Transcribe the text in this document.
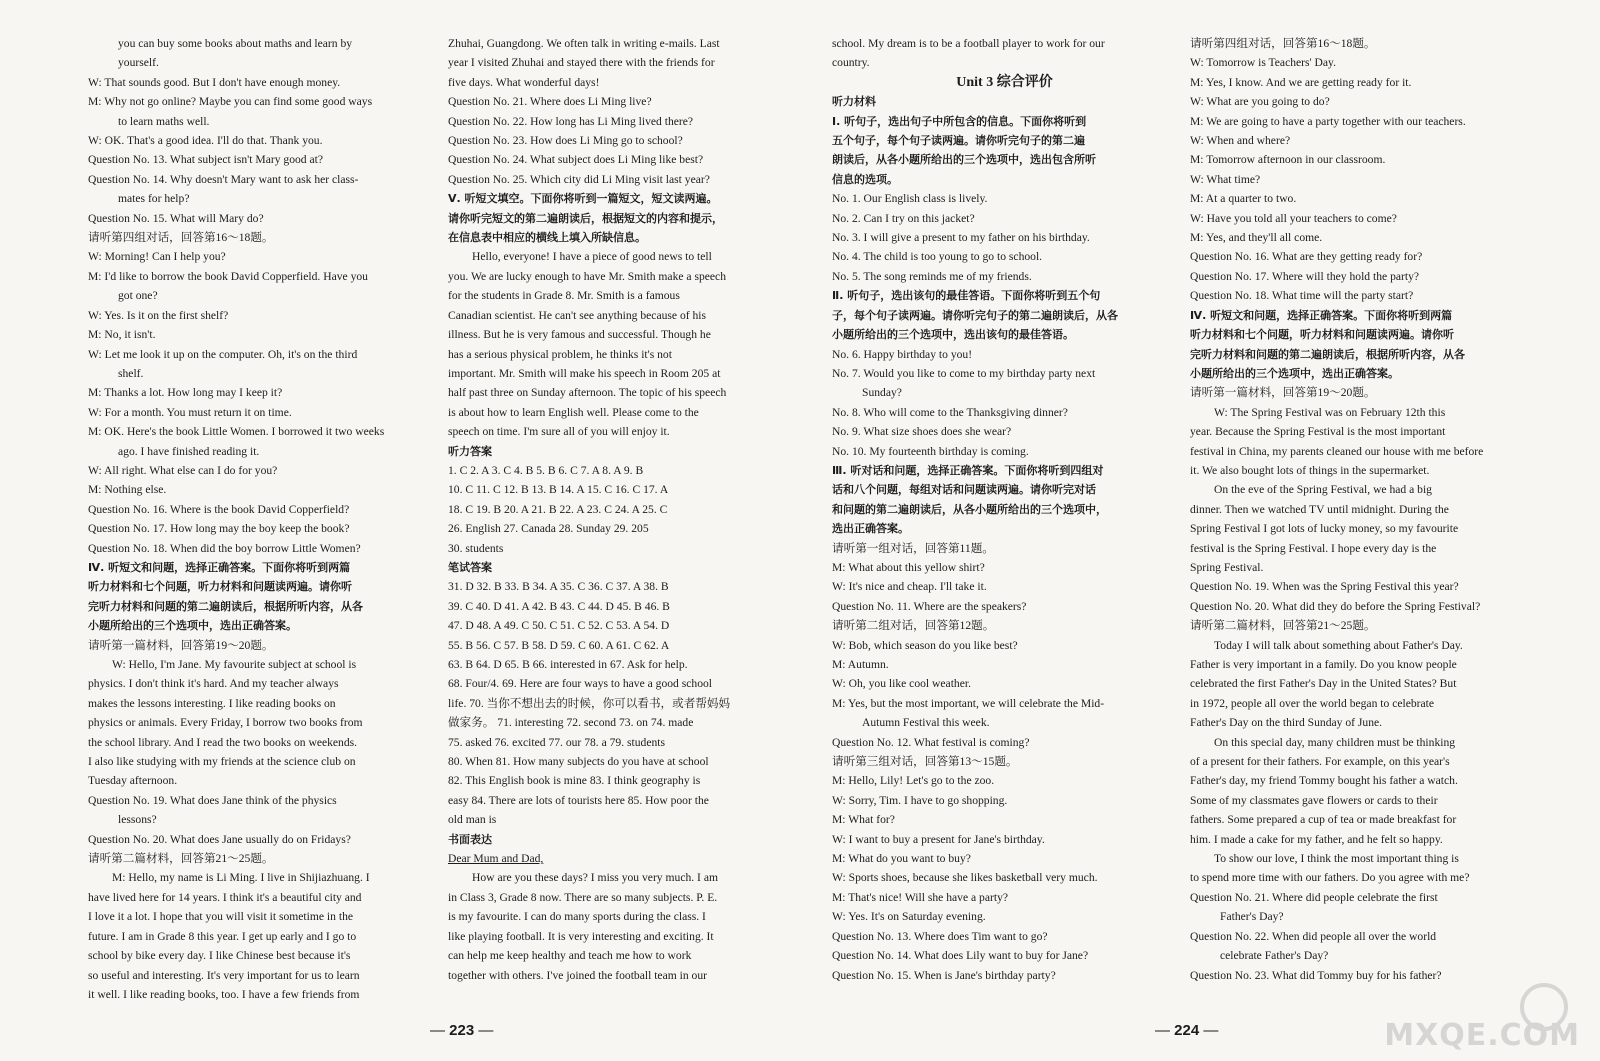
you can buy some books about maths and learn by
yourself.
W: That sounds good. But I don't have enough money.
M: Why not go online? Maybe you can find some good ways
to learn maths well.
W: OK. That's a good idea. I'll do that. Thank you.
Question No. 13. What subject isn't Mary good at?
Question No. 14. Why doesn't Mary want to ask her class-
mates for help?
Question No. 15. What will Mary do?
请听第四组对话，回答第16～18题。
W: Morning! Can I help you?
M: I'd like to borrow the book David Copperfield. Have you
got one?
W: Yes. Is it on the first shelf?
M: No, it isn't.
W: Let me look it up on the computer. Oh, it's on the third
shelf.
M: Thanks a lot. How long may I keep it?
W: For a month. You must return it on time.
M: OK. Here's the book Little Women. I borrowed it two weeks
ago. I have finished reading it.
W: All right. What else can I do for you?
M: Nothing else.
Question No. 16. Where is the book David Copperfield?
Question No. 17. How long may the boy keep the book?
Question No. 18. When did the boy borrow Little Women?
Ⅳ. 听短文和问题，选择正确答案。下面你将听到两篇
听力材料和七个问题，听力材料和问题读两遍。请你听
完听力材料和问题的第二遍朗读后，根据所听内容，从各
小题所给出的三个选项中，选出正确答案。
请听第一篇材料，回答第19～20题。
W: Hello, I'm Jane. My favourite subject at school is
physics. I don't think it's hard. And my teacher always
makes the lessons interesting. I like reading books on
physics or animals. Every Friday, I borrow two books from
the school library. And I read the two books on weekends.
I also like studying with my friends at the science club on
Tuesday afternoon.
Question No. 19. What does Jane think of the physics
lessons?
Question No. 20. What does Jane usually do on Fridays?
请听第二篇材料，回答第21～25题。
M: Hello, my name is Li Ming. I live in Shijiazhuang. I
have lived here for 14 years. I think it's a beautiful city and
I love it a lot. I hope that you will visit it sometime in the
future. I am in Grade 8 this year. I get up early and I go to
school by bike every day. I like Chinese best because it's
so useful and interesting. It's very important for us to learn
it well. I like reading books, too. I have a few friends from
Zhuhai, Guangdong. We often talk in writing e-mails. Last
year I visited Zhuhai and stayed there with the friends for
five days. What wonderful days!
Question No. 21. Where does Li Ming live?
Question No. 22. How long has Li Ming lived there?
Question No. 23. How does Li Ming go to school?
Question No. 24. What subject does Li Ming like best?
Question No. 25. Which city did Li Ming visit last year?
Ⅴ. 听短文填空。下面你将听到一篇短文，短文读两遍。
请你听完短文的第二遍朗读后，根据短文的内容和提示，
在信息表中相应的横线上填入所缺信息。
Hello, everyone! I have a piece of good news to tell
you. We are lucky enough to have Mr. Smith make a speech
for the students in Grade 8. Mr. Smith is a famous
Canadian scientist. He can't see anything because of his
illness. But he is very famous and successful. Though he
has a serious physical problem, he thinks it's not
important. Mr. Smith will make his speech in Room 205 at
half past three on Sunday afternoon. The topic of his speech
is about how to learn English well. Please come to the
speech on time. I'm sure all of you will enjoy it.
听力答案
1. C 2. A 3. C 4. B 5. B 6. C 7. A 8. A 9. B
10. C 11. C 12. B 13. B 14. A 15. C 16. C 17. A
18. C 19. B 20. A 21. B 22. A 23. C 24. A 25. C
26. English 27. Canada 28. Sunday 29. 205
30. students
笔试答案
31. D 32. B 33. B 34. A 35. C 36. C 37. A 38. B
39. C 40. D 41. A 42. B 43. C 44. D 45. B 46. B
47. D 48. A 49. C 50. C 51. C 52. C 53. A 54. D
55. B 56. C 57. B 58. D 59. C 60. A 61. C 62. A
63. B 64. D 65. B 66. interested in 67. Ask for help.
68. Four/4. 69. Here are four ways to have a good school
life. 70. 当你不想出去的时候，你可以看书，或者帮妈妈
做家务。 71. interesting 72. second 73. on 74. made
75. asked 76. excited 77. our 78. a 79. students
80. When 81. How many subjects do you have at school
82. This English book is mine 83. I think geography is
easy 84. There are lots of tourists here 85. How poor the
old man is
书面表达
Dear Mum and Dad,
How are you these days? I miss you very much. I am
in Class 3, Grade 8 now. There are so many subjects. P. E.
is my favourite. I can do many sports during the class. I
like playing football. It is very interesting and exciting. It
can help me keep healthy and teach me how to work
together with others. I've joined the football team in our
— 223 —
school. My dream is to be a football player to work for our
country.
Unit 3 综合评价
听力材料
Ⅰ. 听句子，选出句子中所包含的信息。下面你将听到
五个句子，每个句子读两遍。请你听完句子的第二遍
朗读后，从各小题所给出的三个选项中，选出包含所听
信息的选项。
No. 1. Our English class is lively.
No. 2. Can I try on this jacket?
No. 3. I will give a present to my father on his birthday.
No. 4. The child is too young to go to school.
No. 5. The song reminds me of my friends.
Ⅱ. 听句子，选出该句的最佳答语。下面你将听到五个句
子，每个句子读两遍。请你听完句子的第二遍朗读后，从各
小题所给出的三个选项中，选出该句的最佳答语。
No. 6. Happy birthday to you!
No. 7. Would you like to come to my birthday party next
Sunday?
No. 8. Who will come to the Thanksgiving dinner?
No. 9. What size shoes does she wear?
No. 10. My fourteenth birthday is coming.
Ⅲ. 听对话和问题，选择正确答案。下面你将听到四组对
话和八个问题，每组对话和问题读两遍。请你听完对话
和问题的第二遍朗读后，从各小题所给出的三个选项中，
选出正确答案。
请听第一组对话，回答第11题。
M: What about this yellow shirt?
W: It's nice and cheap. I'll take it.
Question No. 11. Where are the speakers?
请听第二组对话，回答第12题。
W: Bob, which season do you like best?
M: Autumn.
W: Oh, you like cool weather.
M: Yes, but the most important, we will celebrate the Mid-
Autumn Festival this week.
Question No. 12. What festival is coming?
请听第三组对话，回答第13～15题。
M: Hello, Lily! Let's go to the zoo.
W: Sorry, Tim. I have to go shopping.
M: What for?
W: I want to buy a present for Jane's birthday.
M: What do you want to buy?
W: Sports shoes, because she likes basketball very much.
M: That's nice! Will she have a party?
W: Yes. It's on Saturday evening.
Question No. 13. Where does Tim want to go?
Question No. 14. What does Lily want to buy for Jane?
Question No. 15. When is Jane's birthday party?
请听第四组对话，回答第16～18题。
W: Tomorrow is Teachers' Day.
M: Yes, I know. And we are getting ready for it.
W: What are you going to do?
M: We are going to have a party together with our teachers.
W: When and where?
M: Tomorrow afternoon in our classroom.
W: What time?
M: At a quarter to two.
W: Have you told all your teachers to come?
M: Yes, and they'll all come.
Question No. 16. What are they getting ready for?
Question No. 17. Where will they hold the party?
Question No. 18. What time will the party start?
Ⅳ. 听短文和问题，选择正确答案。下面你将听到两篇
听力材料和七个问题，听力材料和问题读两遍。请你听
完听力材料和问题的第二遍朗读后，根据所听内容，从各
小题所给出的三个选项中，选出正确答案。
请听第一篇材料，回答第19～20题。
W: The Spring Festival was on February 12th this
year. Because the Spring Festival is the most important
festival in China, my parents cleaned our house with me before
it. We also bought lots of things in the supermarket.
On the eve of the Spring Festival, we had a big
dinner. Then we watched TV until midnight. During the
Spring Festival I got lots of lucky money, so my favourite
festival is the Spring Festival. I hope every day is the
Spring Festival.
Question No. 19. When was the Spring Festival this year?
Question No. 20. What did they do before the Spring Festival?
请听第二篇材料，回答第21～25题。
Today I will talk about something about Father's Day.
Father is very important in a family. Do you know people
celebrated the first Father's Day in the United States? But
in 1972, people all over the world began to celebrate
Father's Day on the third Sunday of June.
On this special day, many children must be thinking
of a present for their fathers. For example, on this year's
Father's day, my friend Tommy bought his father a watch.
Some of my classmates gave flowers or cards to their
fathers. Some prepared a cup of tea or made breakfast for
him. I made a cake for my father, and he felt so happy.
To show our love, I think the most important thing is
to spend more time with our fathers. Do you agree with me?
Question No. 21. Where did people celebrate the first
Father's Day?
Question No. 22. When did people all over the world
celebrate Father's Day?
Question No. 23. What did Tommy buy for his father?
— 224 —	MXQE.COM
